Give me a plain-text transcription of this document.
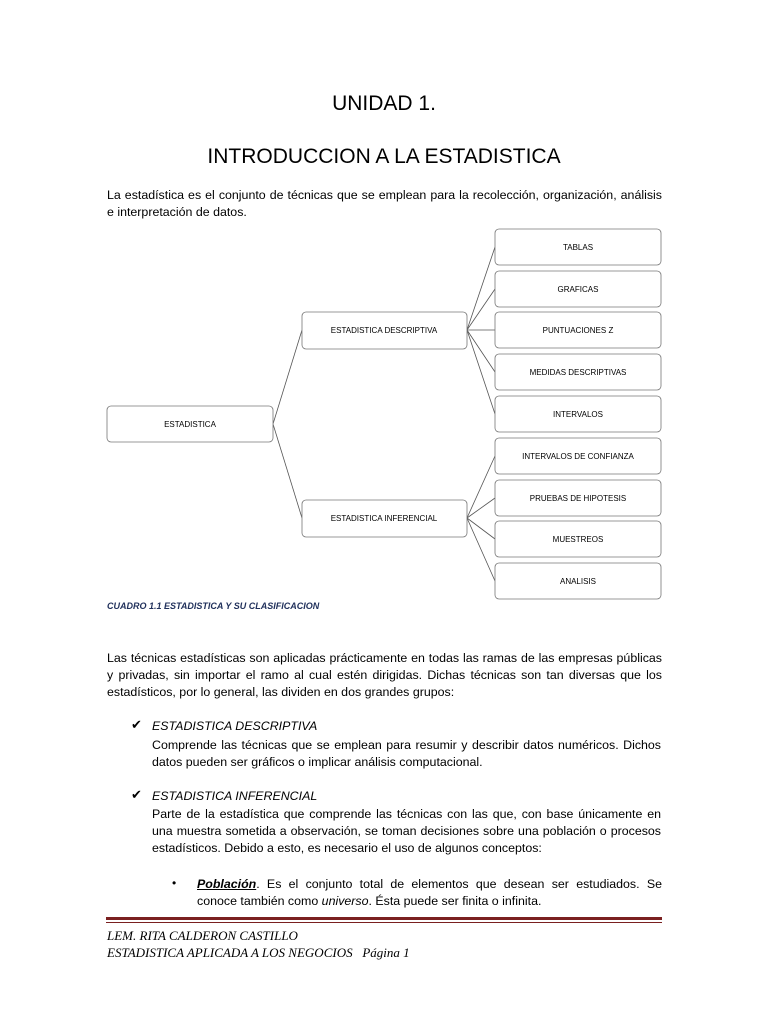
UNIDAD 1.
INTRODUCCION A LA ESTADISTICA
La estadística es el conjunto de técnicas que se emplean para la recolección, organización, análisis e interpretación de datos.
ESTADISTICA
ESTADISTICA DESCRIPTIVA
ESTADISTICA INFERENCIAL
TABLAS
GRAFICAS
PUNTUACIONES Z
MEDIDAS DESCRIPTIVAS
INTERVALOS
INTERVALOS DE CONFIANZA
PRUEBAS DE HIPOTESIS
MUESTREOS
ANALISIS
CUADRO 1.1 ESTADISTICA Y SU CLASIFICACION
Las técnicas estadísticas son aplicadas prácticamente en todas las ramas de las empresas públicas y privadas, sin importar el ramo al cual estén dirigidas. Dichas técnicas son tan diversas que los estadísticos, por lo general, las dividen en dos grandes grupos:
✔ ESTADISTICA DESCRIPTIVA
Comprende las técnicas que se emplean para resumir y describir datos numéricos. Dichos datos pueden ser gráficos o implicar análisis computacional.
✔ ESTADISTICA INFERENCIAL
Parte de la estadística que comprende las técnicas con las que, con base únicamente en una muestra sometida a observación, se toman decisiones sobre una población o procesos estadísticos. Debido a esto, es necesario el uso de algunos conceptos:
• Población. Es el conjunto total de elementos que desean ser estudiados. Se conoce también como universo. Ésta puede ser finita o infinita.
LEM. RITA CALDERON CASTILLO
ESTADISTICA APLICADA A LOS NEGOCIOS Página 1
